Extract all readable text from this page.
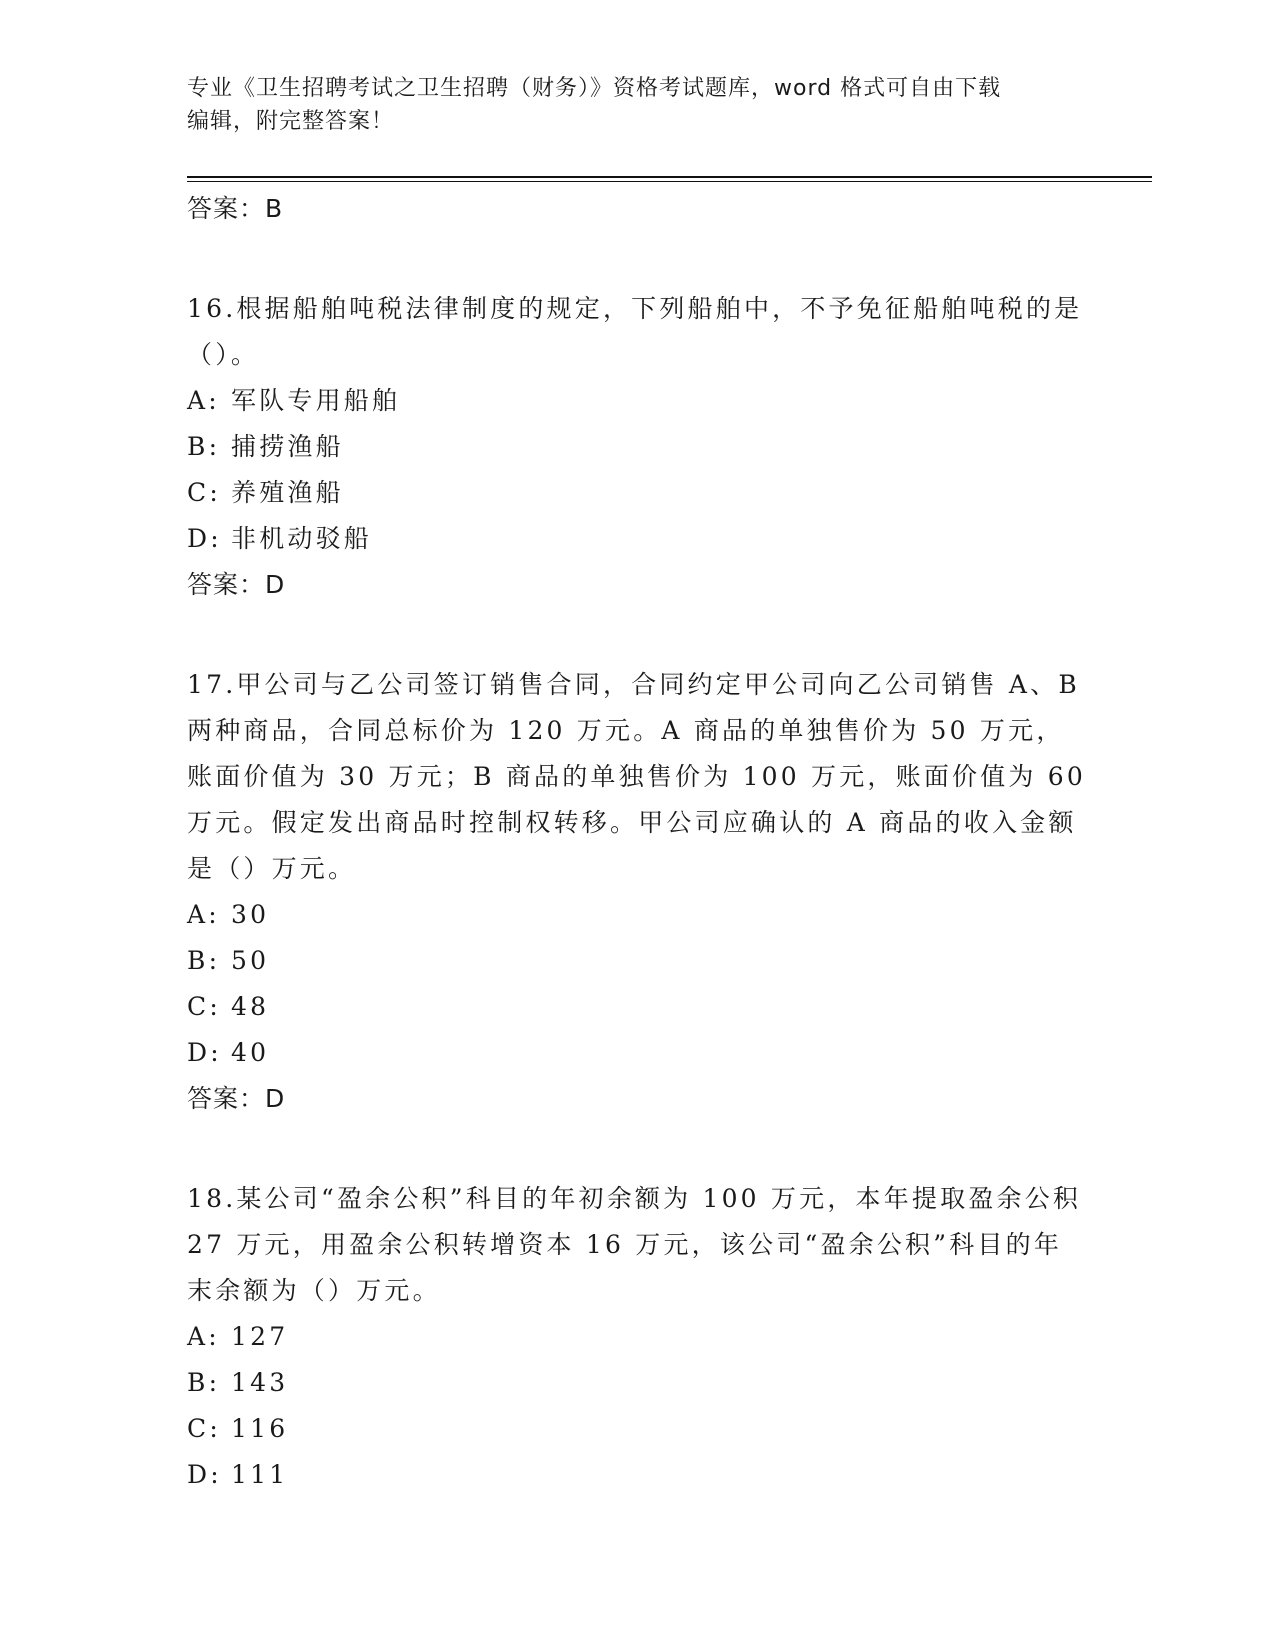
专业《卫生招聘考试之卫生招聘（财务）》资格考试题库，word 格式可自由下载
编辑，附完整答案！
答案：B
16.根据船舶吨税法律制度的规定，下列船舶中，不予免征船舶吨税的是（）。
A: 军队专用船舶
B: 捕捞渔船
C: 养殖渔船
D: 非机动驳船
答案：D
17.甲公司与乙公司签订销售合同，合同约定甲公司向乙公司销售 A、B 两种商品，合同总标价为 120 万元。A 商品的单独售价为 50 万元，账面价值为 30 万元；B 商品的单独售价为 100 万元，账面价值为 60 万元。假定发出商品时控制权转移。甲公司应确认的 A 商品的收入金额是（）万元。
A: 30
B: 50
C: 48
D: 40
答案：D
18.某公司“盈余公积”科目的年初余额为 100 万元，本年提取盈余公积 27 万元，用盈余公积转增资本 16 万元，该公司“盈余公积”科目的年末余额为（）万元。
A: 127
B: 143
C: 116
D: 111
